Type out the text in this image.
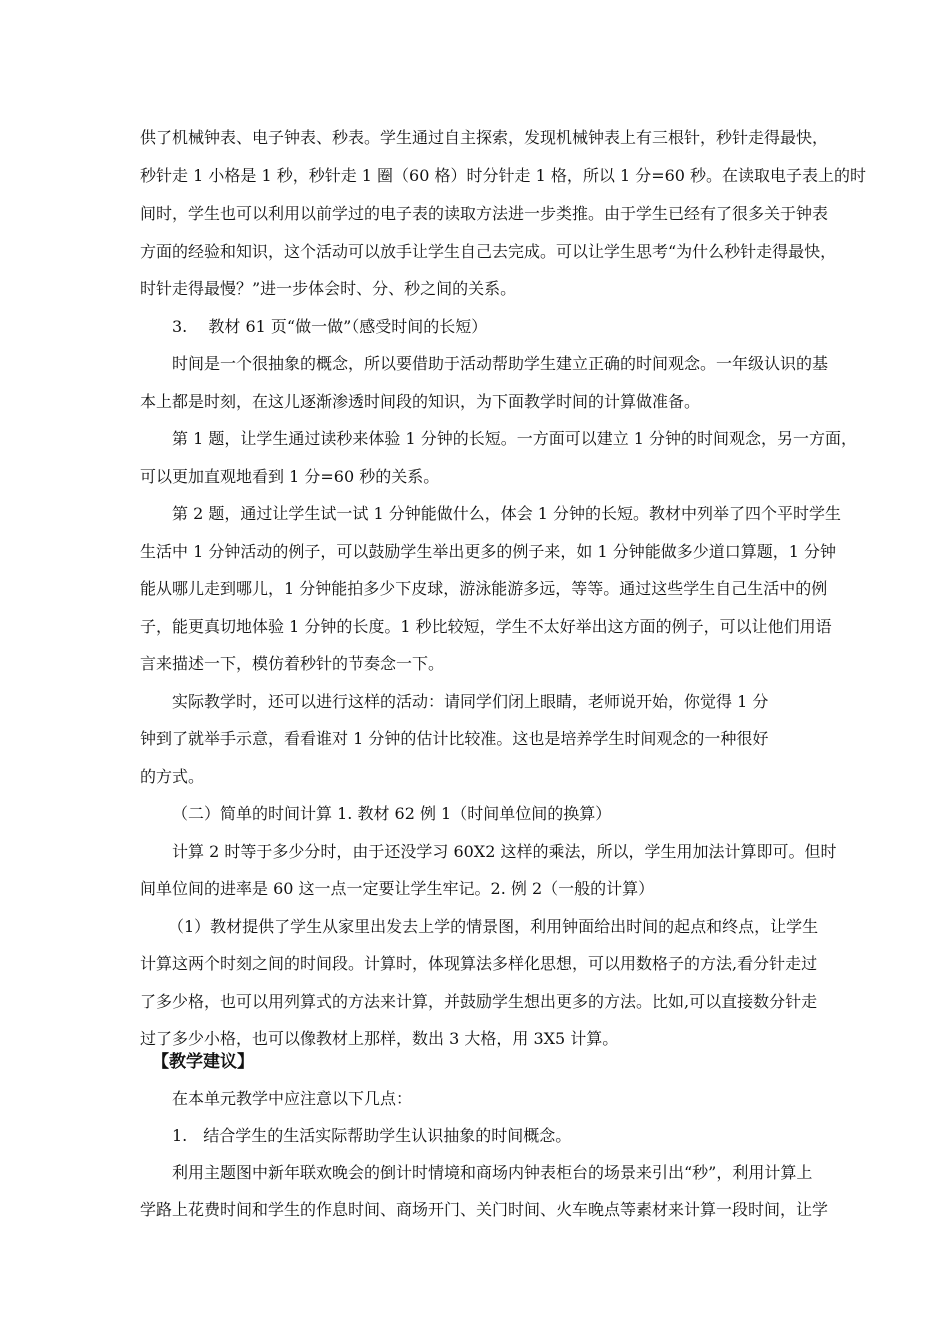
供了机械钟表、电子钟表、秒表。学生通过自主探索，发现机械钟表上有三根针，秒针走得最快，

秒针走 1 小格是 1 秒，秒针走 1 圈（60 格）时分针走 1 格，所以 1 分=60 秒。在读取电子表上的时

间时，学生也可以利用以前学过的电子表的读取方法进一步类推。由于学生已经有了很多关于钟表

方面的经验和知识，这个活动可以放手让学生自己去完成。可以让学生思考“为什么秒针走得最快，

时针走得最慢？”进一步体会时、分、秒之间的关系。

3.　 教材 61 页“做一做”（感受时间的长短）

时间是一个很抽象的概念，所以要借助于活动帮助学生建立正确的时间观念。一年级认识的基

本上都是时刻，在这儿逐渐渗透时间段的知识，为下面教学时间的计算做准备。

第 1 题，让学生通过读秒来体验 1 分钟的长短。一方面可以建立 1 分钟的时间观念，另一方面，

可以更加直观地看到 1 分=60 秒的关系。

第 2 题，通过让学生试一试 1 分钟能做什么，体会 1 分钟的长短。教材中列举了四个平时学生

生活中 1 分钟活动的例子，可以鼓励学生举出更多的例子来，如 1 分钟能做多少道口算题，1 分钟

能从哪儿走到哪儿，1 分钟能拍多少下皮球，游泳能游多远，等等。通过这些学生自己生活中的例

子，能更真切地体验 1 分钟的长度。1 秒比较短，学生不太好举出这方面的例子，可以让他们用语

言来描述一下，模仿着秒针的节奏念一下。

实际教学时，还可以进行这样的活动：请同学们闭上眼睛，老师说开始，你觉得 1 分

钟到了就举手示意，看看谁对 1 分钟的估计比较准。这也是培养学生时间观念的一种很好

的方式。

（二）简单的时间计算 1. 教材 62 例 1（时间单位间的换算）

计算 2 时等于多少分时，由于还没学习 60X2 这样的乘法，所以，学生用加法计算即可。但时

间单位间的进率是 60 这一点一定要让学生牢记。2. 例 2（一般的计算）

（1）教材提供了学生从家里出发去上学的情景图，利用钟面给出时间的起点和终点，让学生

计算这两个时刻之间的时间段。计算时，体现算法多样化思想，可以用数格子的方法,看分针走过

了多少格，也可以用列算式的方法来计算，并鼓励学生想出更多的方法。比如,可以直接数分针走

过了多少小格，也可以像教材上那样，数出 3 大格，用 3X5 计算。

【教学建议】

在本单元教学中应注意以下几点：

1.　结合学生的生活实际帮助学生认识抽象的时间概念。

利用主题图中新年联欢晚会的倒计时情境和商场内钟表柜台的场景来引出“秒”，利用计算上

学路上花费时间和学生的作息时间、商场开门、关门时间、火车晚点等素材来计算一段时间，让学
